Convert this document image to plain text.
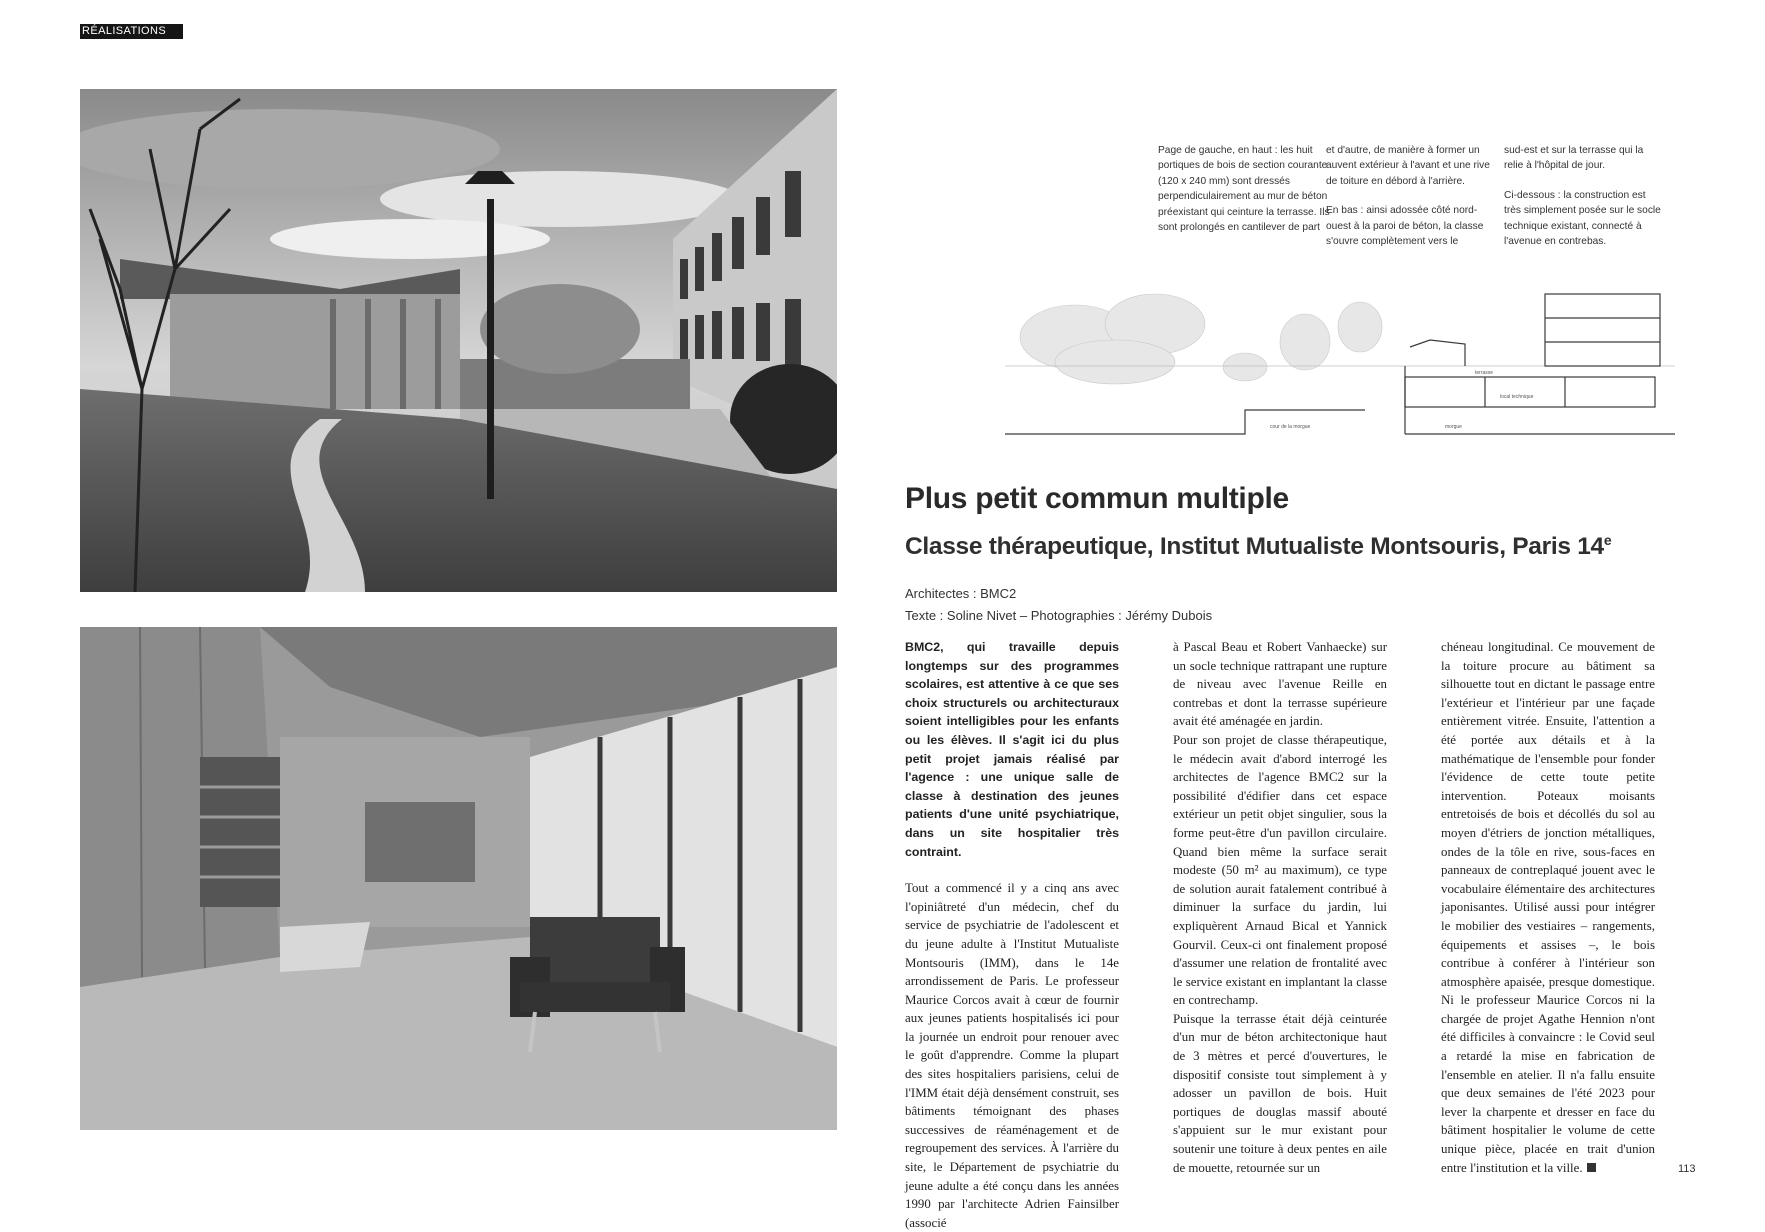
RÉALISATIONS

Page de gauche, en haut : les huit portiques de bois de section courante (120 x 240 mm) sont dressés perpendiculairement au mur de béton préexistant qui ceinture la terrasse. Ils sont prolongés en cantilever de part

et d'autre, de manière à former un auvent extérieur à l'avant et une rive de toiture en débord à l'arrière.

En bas : ainsi adossée côté nord-ouest à la paroi de béton, la classe s'ouvre complètement vers le

sud-est et sur la terrasse qui la relie à l'hôpital de jour.

Ci-dessous : la construction est très simplement posée sur le socle technique existant, connecté à l'avenue en contrebas.

terrasse
local technique
cour de la morgue	morgue
Plus petit commun multiple
Classe thérapeutique, Institut Mutualiste Montsouris, Paris 14e
Architectes : BMC2
Texte : Soline Nivet – Photographies : Jérémy Dubois

BMC2, qui travaille depuis longtemps sur des programmes scolaires, est attentive à ce que ses choix structurels ou architecturaux soient intelligibles pour les enfants ou les élèves. Il s'agit ici du plus petit projet jamais réalisé par l'agence : une unique salle de classe à destination des jeunes patients d'une unité psychiatrique, dans un site hospitalier très contraint.

Tout a commencé il y a cinq ans avec l'opiniâtreté d'un médecin, chef du service de psychiatrie de l'adolescent et du jeune adulte à l'Institut Mutualiste Montsouris (IMM), dans le 14e arrondissement de Paris. Le professeur Maurice Corcos avait à cœur de fournir aux jeunes patients hospitalisés ici pour la journée un endroit pour renouer avec le goût d'apprendre. Comme la plupart des sites hospitaliers parisiens, celui de l'IMM était déjà densément construit, ses bâtiments témoignant des phases successives de réaménagement et de regroupement des services. À l'arrière du site, le Département de psychiatrie du jeune adulte a été conçu dans les années 1990 par l'architecte Adrien Fainsilber (associé

à Pascal Beau et Robert Vanhaecke) sur un socle technique rattrapant une rupture de niveau avec l'avenue Reille en contrebas et dont la terrasse supérieure avait été aménagée en jardin.

Pour son projet de classe thérapeutique, le médecin avait d'abord interrogé les architectes de l'agence BMC2 sur la possibilité d'édifier dans cet espace extérieur un petit objet singulier, sous la forme peut-être d'un pavillon circulaire. Quand bien même la surface serait modeste (50 m² au maximum), ce type de solution aurait fatalement contribué à diminuer la surface du jardin, lui expliquèrent Arnaud Bical et Yannick Gourvil. Ceux-ci ont finalement proposé d'assumer une relation de frontalité avec le service existant en implantant la classe en contrechamp.

Puisque la terrasse était déjà ceinturée d'un mur de béton architectonique haut de 3 mètres et percé d'ouvertures, le dispositif consiste tout simplement à y adosser un pavillon de bois. Huit portiques de douglas massif abouté s'appuient sur le mur existant pour soutenir une toiture à deux pentes en aile de mouette, retournée sur un

chéneau longitudinal. Ce mouvement de la toiture procure au bâtiment sa silhouette tout en dictant le passage entre l'extérieur et l'intérieur par une façade entièrement vitrée. Ensuite, l'attention a été portée aux détails et à la mathématique de l'ensemble pour fonder l'évidence de cette toute petite intervention. Poteaux moisants entretoisés de bois et décollés du sol au moyen d'étriers de jonction métalliques, ondes de la tôle en rive, sous-faces en panneaux de contreplaqué jouent avec le vocabulaire élémentaire des architectures japonisantes. Utilisé aussi pour intégrer le mobilier des vestiaires – rangements, équipements et assises –, le bois contribue à conférer à l'intérieur son atmosphère apaisée, presque domestique. Ni le professeur Maurice Corcos ni la chargée de projet Agathe Hennion n'ont été difficiles à convaincre : le Covid seul a retardé la mise en fabrication de l'ensemble en atelier. Il n'a fallu ensuite que deux semaines de l'été 2023 pour lever la charpente et dresser en face du bâtiment hospitalier le volume de cette unique pièce, placée en trait d'union entre l'institution et la ville.	113
